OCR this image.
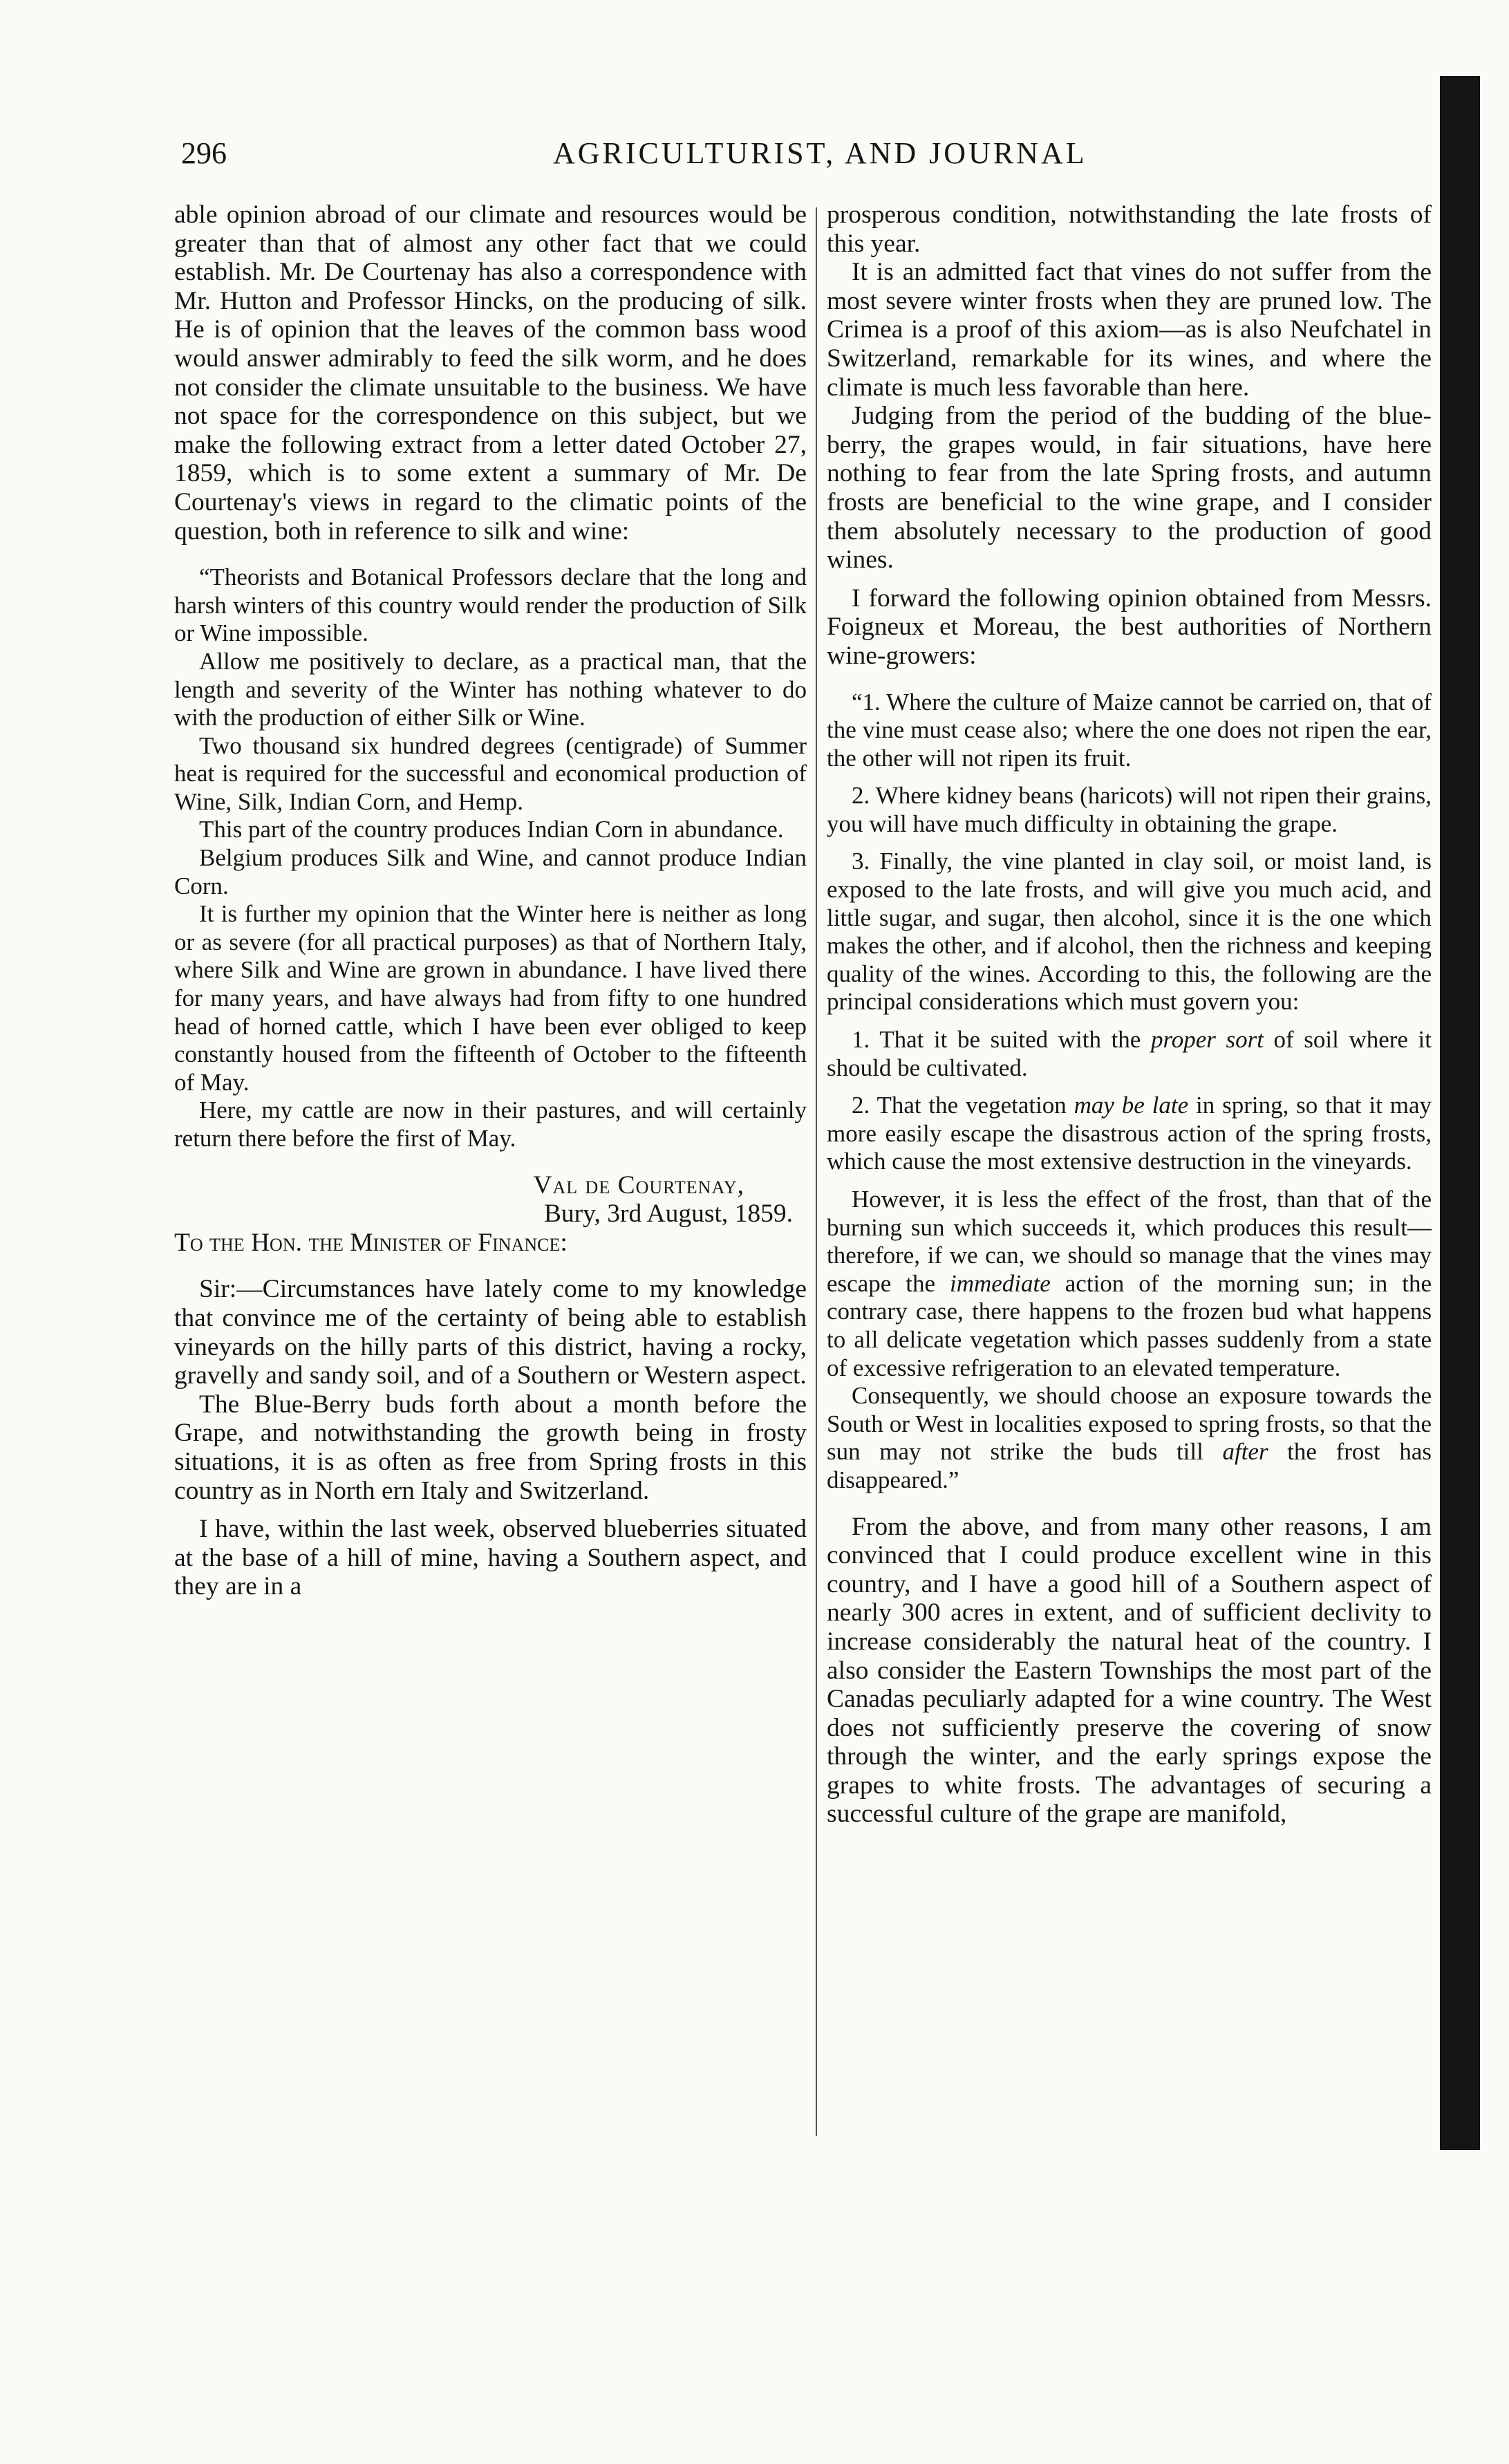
296	AGRICULTURIST, AND JOURNAL

able opinion abroad of our climate and resources would be greater than that of almost any other fact that we could establish. Mr. De Courtenay has also a correspondence with Mr. Hutton and Professor Hincks, on the producing of silk. He is of opinion that the leaves of the common bass wood would answer admirably to feed the silk worm, and he does not consider the climate unsuitable to the business. We have not space for the correspondence on this subject, but we make the following extract from a letter dated October 27, 1859, which is to some extent a summary of Mr. De Courtenay's views in regard to the climatic points of the question, both in reference to silk and wine:

“Theorists and Botanical Professors declare that the long and harsh winters of this country would render the production of Silk or Wine impossible.

Allow me positively to declare, as a practical man, that the length and severity of the Winter has nothing whatever to do with the production of either Silk or Wine.

Two thousand six hundred degrees (centigrade) of Summer heat is required for the successful and economical production of Wine, Silk, Indian Corn, and Hemp.

This part of the country produces Indian Corn in abundance.

Belgium produces Silk and Wine, and cannot produce Indian Corn.

It is further my opinion that the Winter here is neither as long or as severe (for all practical purposes) as that of Northern Italy, where Silk and Wine are grown in abundance. I have lived there for many years, and have always had from fifty to one hundred head of horned cattle, which I have been ever obliged to keep constantly housed from the fifteenth of October to the fifteenth of May.

Here, my cattle are now in their pastures, and will certainly return there before the first of May.

Val de Courtenay,

Bury, 3rd August, 1859.

To the Hon. the Minister of Finance:

Sir:—Circumstances have lately come to my knowledge that convince me of the certainty of being able to establish vineyards on the hilly parts of this district, having a rocky, gravelly and sandy soil, and of a Southern or Western aspect.

The Blue-Berry buds forth about a month before the Grape, and notwithstanding the growth being in frosty situations, it is as often as free from Spring frosts in this country as in North ern Italy and Switzerland.

I have, within the last week, observed blueberries situated at the base of a hill of mine, having a Southern aspect, and they are in a

prosperous condition, notwithstanding the late frosts of this year.

It is an admitted fact that vines do not suffer from the most severe winter frosts when they are pruned low. The Crimea is a proof of this axiom—as is also Neufchatel in Switzerland, remarkable for its wines, and where the climate is much less favorable than here.

Judging from the period of the budding of the blue-berry, the grapes would, in fair situations, have here nothing to fear from the late Spring frosts, and autumn frosts are beneficial to the wine grape, and I consider them absolutely necessary to the production of good wines.

I forward the following opinion obtained from Messrs. Foigneux et Moreau, the best authorities of Northern wine-growers:

“1. Where the culture of Maize cannot be carried on, that of the vine must cease also; where the one does not ripen the ear, the other will not ripen its fruit.

2. Where kidney beans (haricots) will not ripen their grains, you will have much difficulty in obtaining the grape.

3. Finally, the vine planted in clay soil, or moist land, is exposed to the late frosts, and will give you much acid, and little sugar, and sugar, then alcohol, since it is the one which makes the other, and if alcohol, then the richness and keeping quality of the wines. According to this, the following are the principal considerations which must govern you:

1. That it be suited with the proper sort of soil where it should be cultivated.

2. That the vegetation may be late in spring, so that it may more easily escape the disastrous action of the spring frosts, which cause the most extensive destruction in the vineyards.

However, it is less the effect of the frost, than that of the burning sun which succeeds it, which produces this result—therefore, if we can, we should so manage that the vines may escape the immediate action of the morning sun; in the contrary case, there happens to the frozen bud what happens to all delicate vegetation which passes suddenly from a state of excessive refrigeration to an elevated temperature.

Consequently, we should choose an exposure towards the South or West in localities exposed to spring frosts, so that the sun may not strike the buds till after the frost has disappeared.”

From the above, and from many other reasons, I am convinced that I could produce excellent wine in this country, and I have a good hill of a Southern aspect of nearly 300 acres in extent, and of sufficient declivity to increase considerably the natural heat of the country. I also consider the Eastern Townships the most part of the Canadas peculiarly adapted for a wine country. The West does not sufficiently preserve the covering of snow through the winter, and the early springs expose the grapes to white frosts. The advantages of securing a successful culture of the grape are manifold,
